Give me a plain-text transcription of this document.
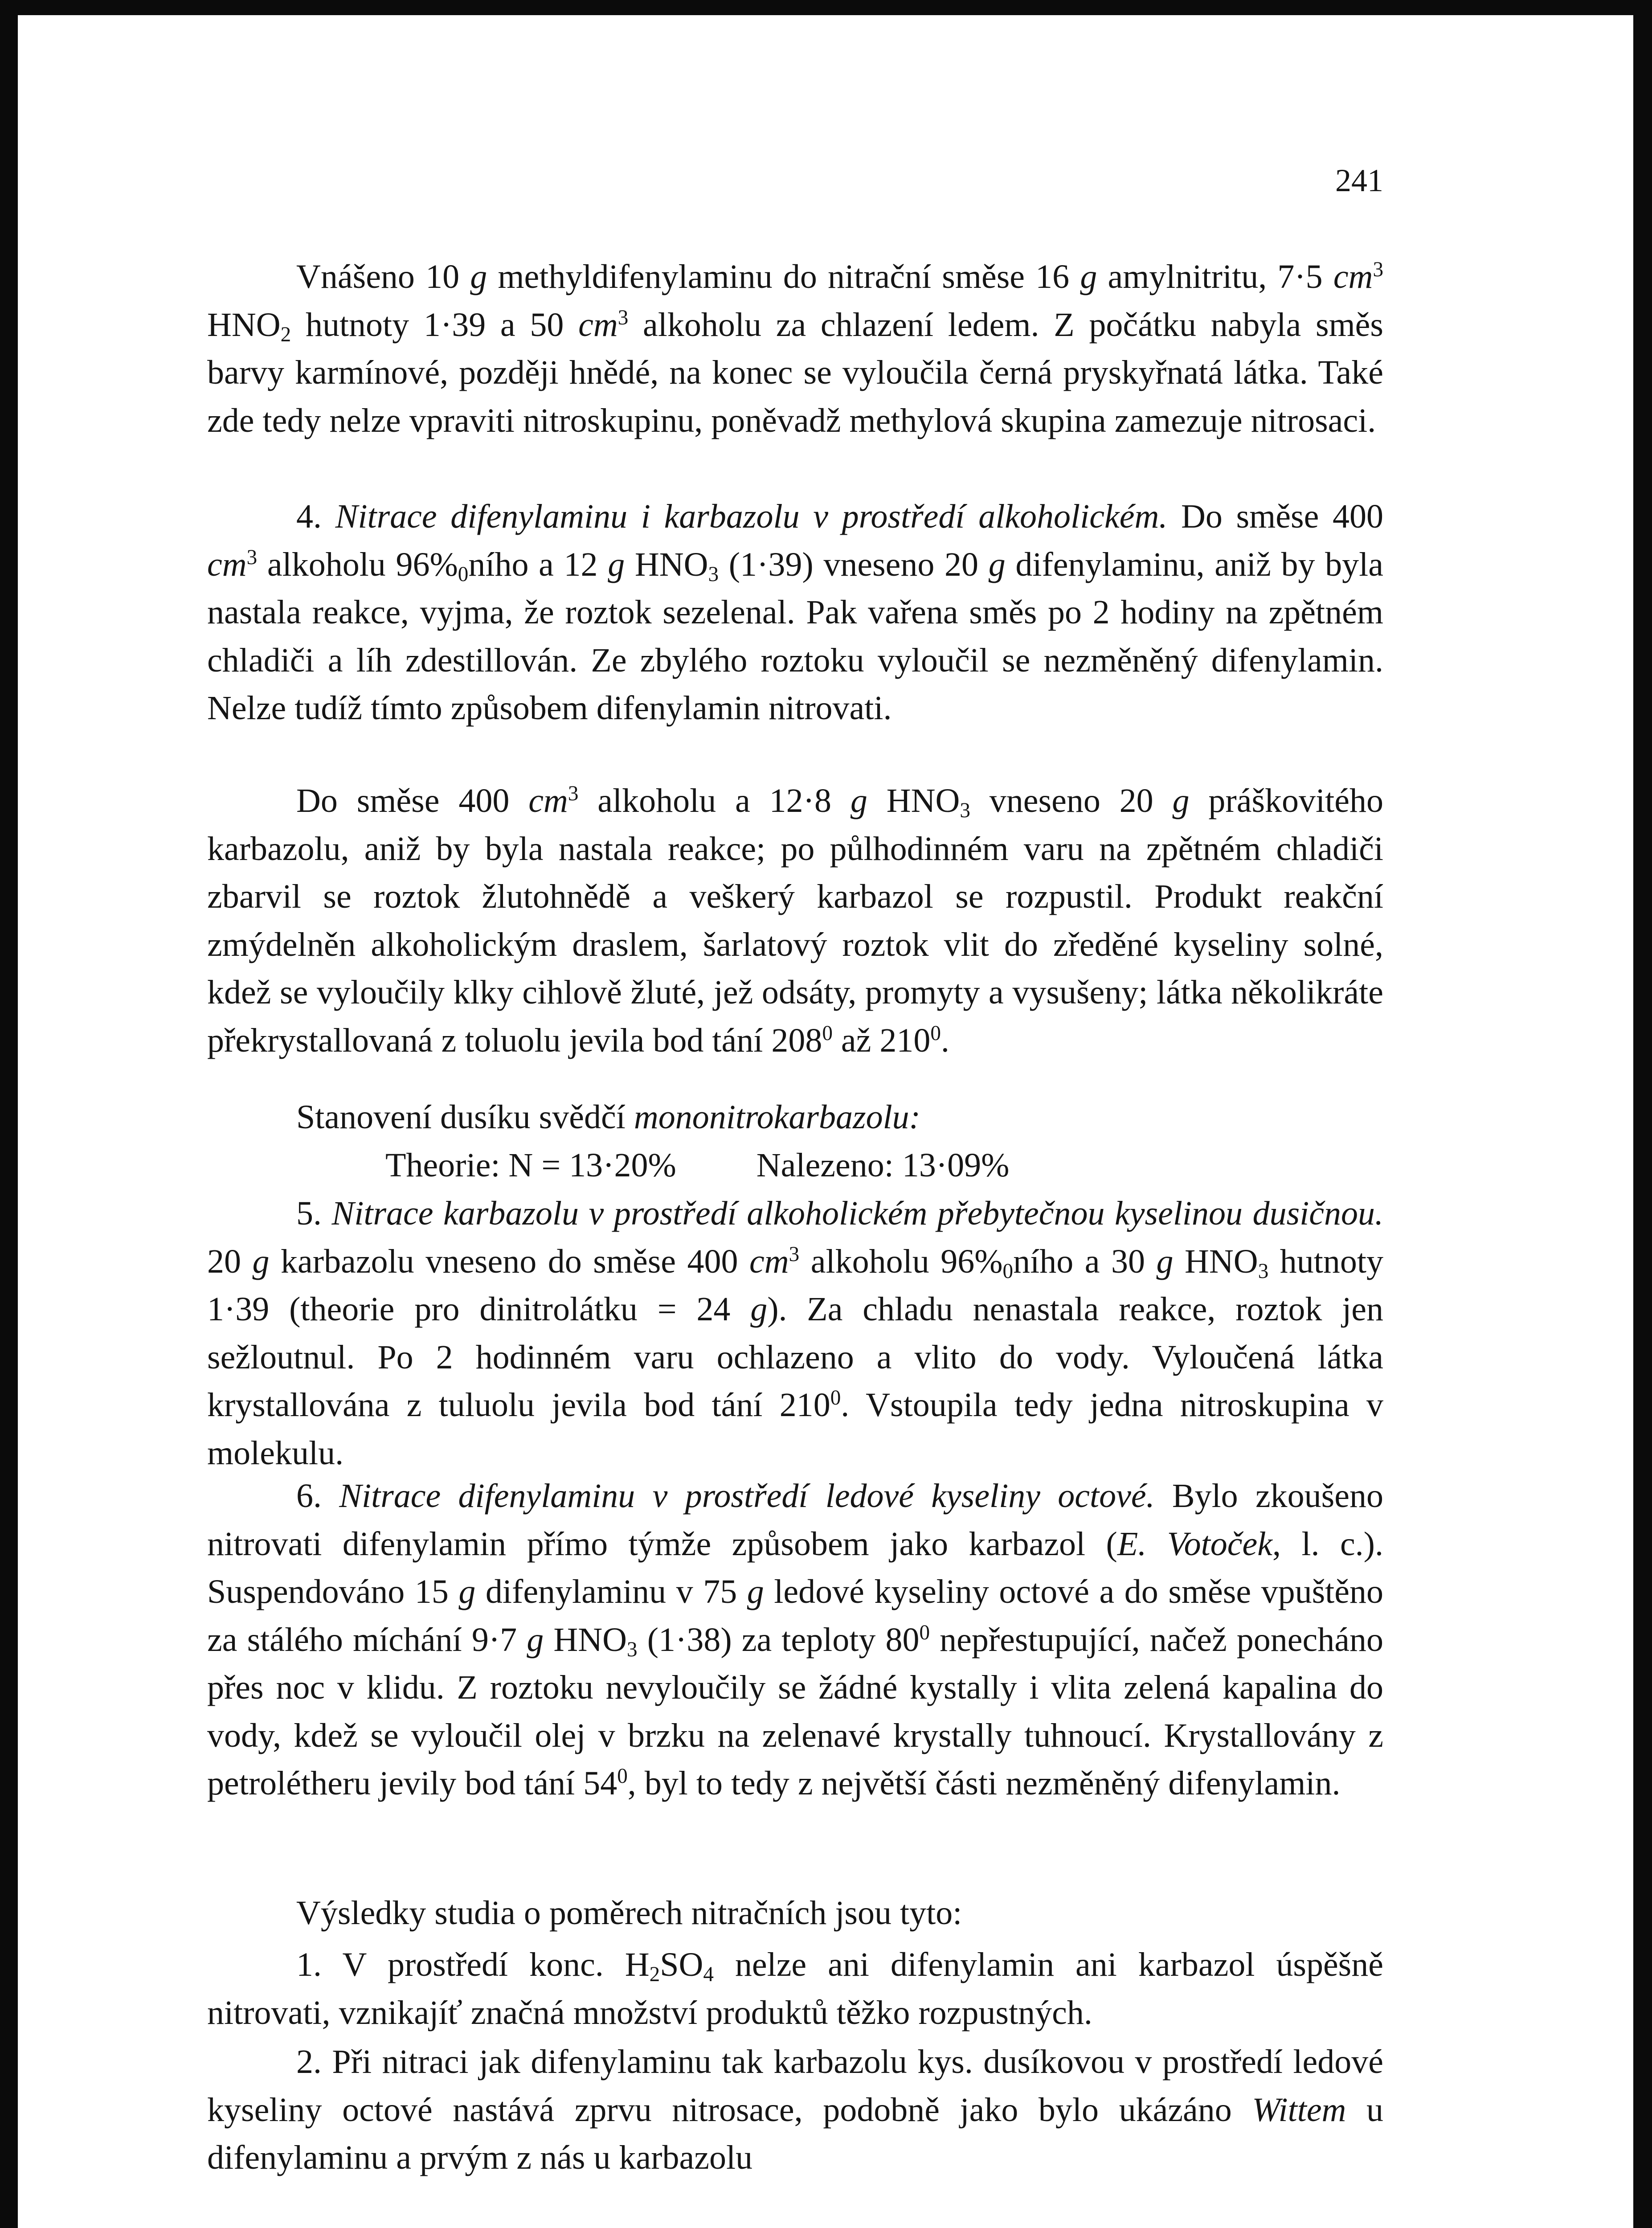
241

Vnášeno 10 g methyldifenylaminu do nitrační směse 16 g amylnitritu, 7·5 $cm^3$ $HNO_2$ hutnoty 1·39 a 50 $cm^3$ alkoholu za chlazení ledem. Z počátku nabyla směs barvy karmínové, později hnědé, na konec se vyloučila černá pryskyřnatá látka. Také zde tedy nelze vpraviti nitroskupinu, poněvadž methylová skupina zamezuje nitrosaci.

4. Nitrace difenylaminu i karbazolu v prostředí alkoholickém. Do směse 400 $cm^3$ alkoholu $96\%_0ního$ a 12 g $HNO_3$ (1·39) vneseno 20 g difenylaminu, aniž by byla nastala reakce, vyjma, že roztok sezelenal. Pak vařena směs po 2 hodiny na zpětném chladiči a líh zdestillován. Ze zbylého roztoku vyloučil se nezměněný difenylamin. Nelze tudíž tímto způsobem difenylamin nitrovati.

Do směse 400 $cm^3$ alkoholu a 12·8 g $HNO_3$ vneseno 20 g práškovitého karbazolu, aniž by byla nastala reakce; po půlhodinném varu na zpětném chladiči zbarvil se roztok žlutohnědě a veškerý karbazol se rozpustil. Produkt reakční zmýdelněn alkoholickým draslem, šarlatový roztok vlit do zředěné kyseliny solné, kdež se vyloučily klky cihlově žluté, jež odsáty, promyty a vysušeny; látka několikráte překrystallovaná z toluolu jevila bod tání $208^0$ až $210^0$.

Stanovení dusíku svědčí mononitrokarbazolu:

Theorie: N = 13·20% Nalezeno: 13·09%

5. Nitrace karbazolu v prostředí alkoholickém přebytečnou kyselinou dusičnou. 20 g karbazolu vneseno do směse 400 $cm^3$ alkoholu $96\%_0ního$ a 30 g $HNO_3$ hutnoty 1·39 (theorie pro dinitrolátku = 24 g). Za chladu nenastala reakce, roztok jen sežloutnul. Po 2 hodinném varu ochlazeno a vlito do vody. Vyloučená látka krystallována z tuluolu jevila bod tání $210^0$. Vstoupila tedy jedna nitroskupina v molekulu.

6. Nitrace difenylaminu v prostředí ledové kyseliny octové. Bylo zkoušeno nitrovati difenylamin přímo týmže způsobem jako karbazol (E. Votoček, l. c.). Suspendováno 15 g difenylaminu v 75 g ledové kyseliny octové a do směse vpuštěno za stálého míchání 9·7 g $HNO_3$ (1·38) za teploty $80^0$ nepřestupující, načež ponecháno přes noc v klidu. Z roztoku nevyloučily se žádné kystally i vlita zelená kapalina do vody, kdež se vyloučil olej v brzku na zelenavé krystally tuhnoucí. Krystallovány z petrolétheru jevily bod tání $54^0$, byl to tedy z největší části nezměněný difenylamin.

Výsledky studia o poměrech nitračních jsou tyto:

1. V prostředí konc. $H_2SO_4$ nelze ani difenylamin ani karbazol úspěšně nitrovati, vznikajíť značná množství produktů těžko rozpustných.

2. Při nitraci jak difenylaminu tak karbazolu kys. dusíkovou v prostředí ledové kyseliny octové nastává zprvu nitrosace, podobně jako bylo ukázáno Wittem u difenylaminu a prvým z nás u karbazolu
